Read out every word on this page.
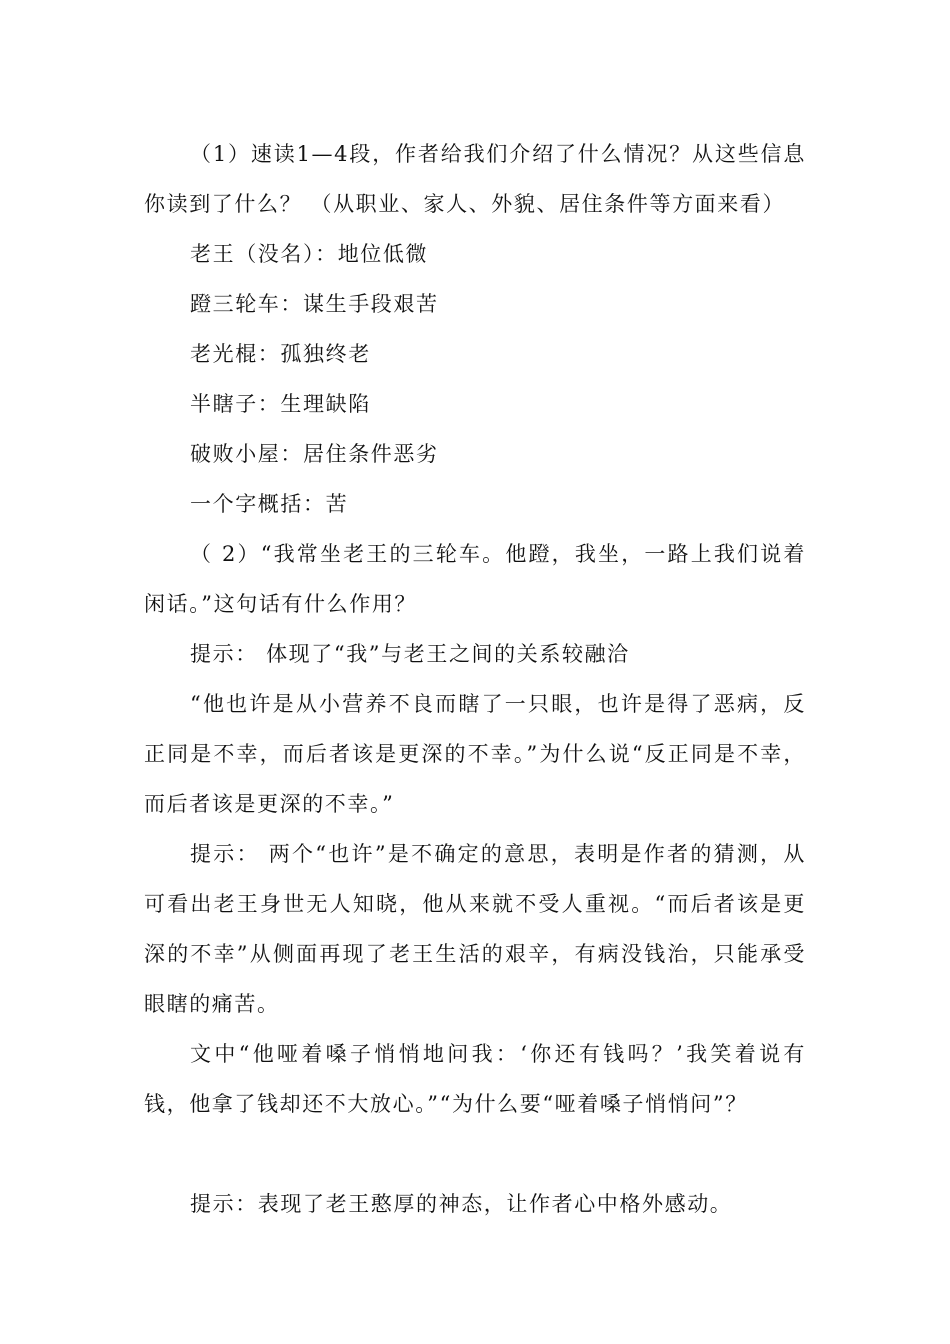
（1）速读1—4段，作者给我们介绍了什么情况？从这些信息你读到了什么？ （从职业、家人、外貌、居住条件等方面来看）

老王（没名）：地位低微

蹬三轮车：谋生手段艰苦

老光棍：孤独终老

半瞎子：生理缺陷

破败小屋：居住条件恶劣

一个字概括：苦

（ 2）“我常坐老王的三轮车。他蹬，我坐，一路上我们说着闲话。”这句话有什么作用？

提示： 体现了“我”与老王之间的关系较融洽

“他也许是从小营养不良而瞎了一只眼，也许是得了恶病，反正同是不幸，而后者该是更深的不幸。”为什么说“反正同是不幸，而后者该是更深的不幸。”

提示： 两个“也许”是不确定的意思，表明是作者的猜测，从可看出老王身世无人知晓，他从来就不受人重视。“而后者该是更深的不幸”从侧面再现了老王生活的艰辛，有病没钱治，只能承受眼瞎的痛苦。

文中“他哑着嗓子悄悄地问我：‘你还有钱吗？’我笑着说有钱，他拿了钱却还不大放心。”“为什么要“哑着嗓子悄悄问”？

提示：表现了老王憨厚的神态，让作者心中格外感动。
